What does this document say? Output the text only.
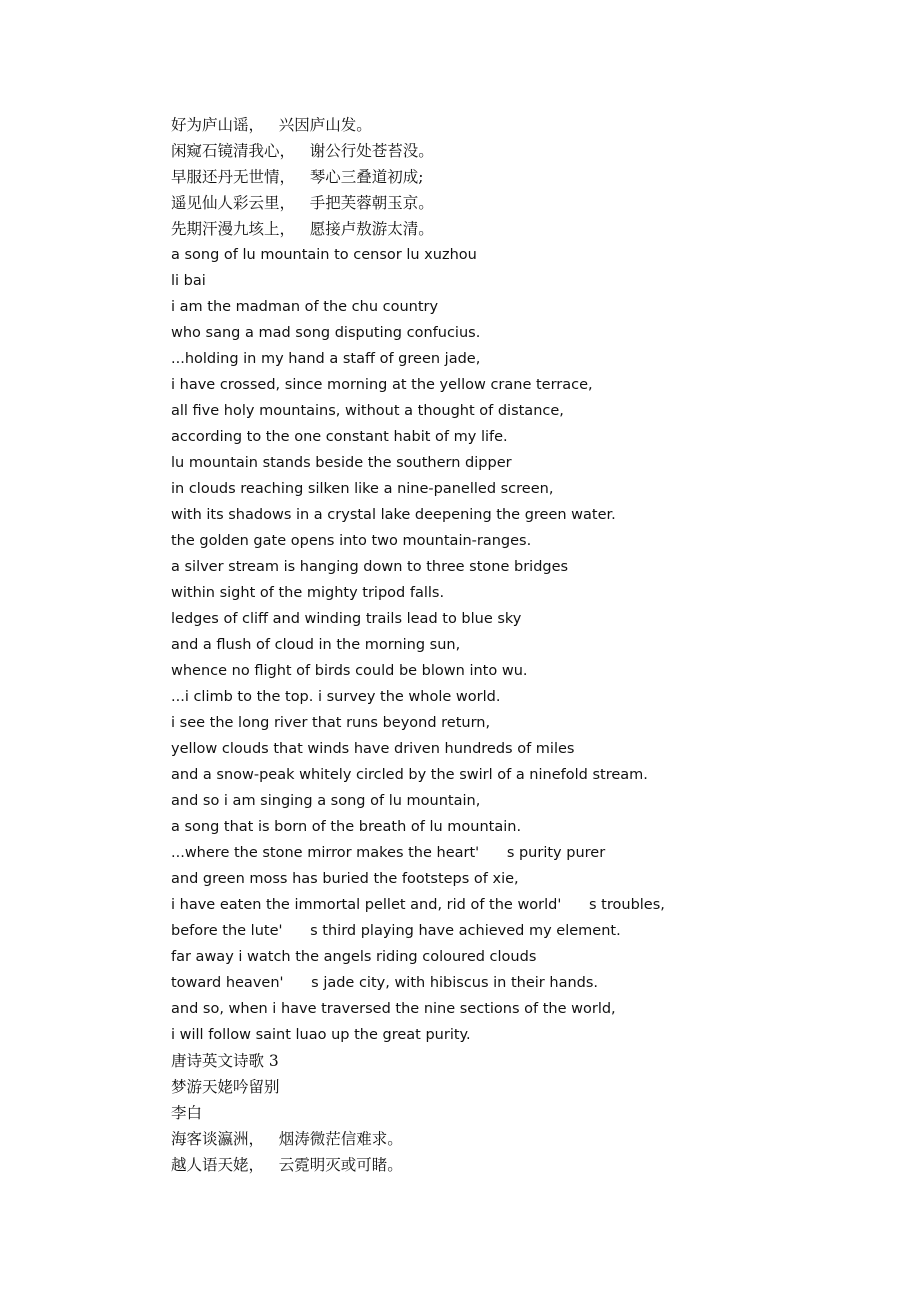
好为庐山谣，   兴因庐山发。
闲窥石镜清我心，   谢公行处苍苔没。
早服还丹无世情，   琴心三叠道初成;
遥见仙人彩云里，   手把芙蓉朝玉京。
先期汗漫九垓上，   愿接卢敖游太清。
a song of lu mountain to censor lu xuzhou
li bai
i am the madman of the chu country
who sang a mad song disputing confucius.
...holding in my hand a staff of green jade,
i have crossed, since morning at the yellow crane terrace,
all five holy mountains, without a thought of distance,
according to the one constant habit of my life.
lu mountain stands beside the southern dipper
in clouds reaching silken like a nine-panelled screen,
with its shadows in a crystal lake deepening the green water.
the golden gate opens into two mountain-ranges.
a silver stream is hanging down to three stone bridges
within sight of the mighty tripod falls.
ledges of cliff and winding trails lead to blue sky
and a flush of cloud in the morning sun,
whence no flight of birds could be blown into wu.
...i climb to the top. i survey the whole world.
i see the long river that runs beyond return,
yellow clouds that winds have driven hundreds of miles
and a snow-peak whitely circled by the swirl of a ninefold stream.
and so i am singing a song of lu mountain,
a song that is born of the breath of lu mountain.
...where the stone mirror makes the heart'      s purity purer
and green moss has buried the footsteps of xie,
i have eaten the immortal pellet and, rid of the world'      s troubles,
before the lute'      s third playing have achieved my element.
far away i watch the angels riding coloured clouds
toward heaven'      s jade city, with hibiscus in their hands.
and so, when i have traversed the nine sections of the world,
i will follow saint luao up the great purity.
唐诗英文诗歌 3
梦游天姥吟留别
李白
海客谈瀛洲，   烟涛微茫信难求。
越人语天姥，   云霓明灭或可睹。
